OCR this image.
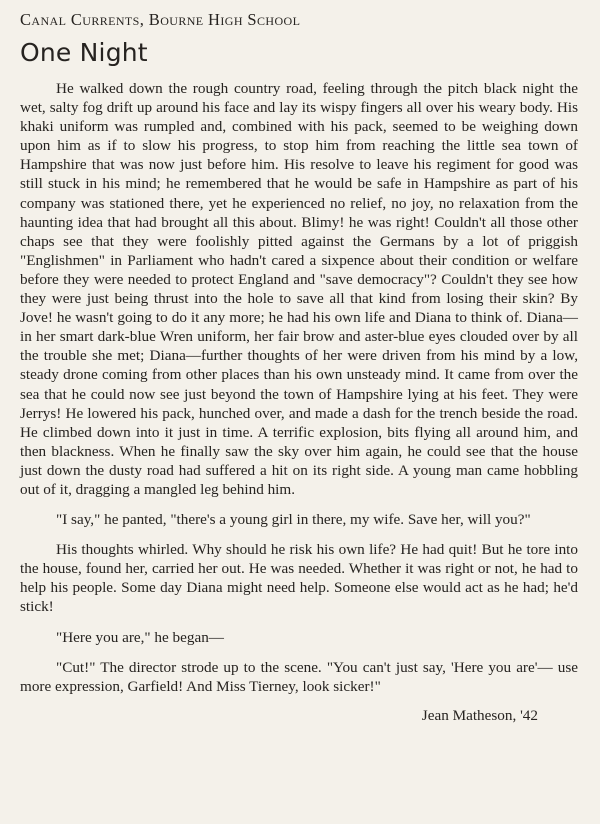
Canal Currents, Bourne High School
One Night

He walked down the rough country road, feeling through the pitch black night the wet, salty fog drift up around his face and lay its wispy fingers all over his weary body. His khaki uniform was rumpled and, combined with his pack, seemed to be weighing down upon him as if to slow his progress, to stop him from reaching the little sea town of Hampshire that was now just before him. His resolve to leave his regiment for good was still stuck in his mind; he remembered that he would be safe in Hampshire as part of his company was stationed there, yet he experienced no relief, no joy, no relaxation from the haunting idea that had brought all this about. Blimy! he was right! Couldn't all those other chaps see that they were foolishly pitted against the Germans by a lot of priggish "Englishmen" in Parliament who hadn't cared a sixpence about their condition or welfare before they were needed to protect England and "save democracy"? Couldn't they see how they were just being thrust into the hole to save all that kind from losing their skin? By Jove! he wasn't going to do it any more; he had his own life and Diana to think of. Diana—in her smart dark-blue Wren uniform, her fair brow and aster-blue eyes clouded over by all the trouble she met; Diana—further thoughts of her were driven from his mind by a low, steady drone coming from other places than his own unsteady mind. It came from over the sea that he could now see just beyond the town of Hampshire lying at his feet. They were Jerrys! He lowered his pack, hunched over, and made a dash for the trench beside the road. He climbed down into it just in time. A terrific explosion, bits flying all around him, and then blackness. When he finally saw the sky over him again, he could see that the house just down the dusty road had suffered a hit on its right side. A young man came hobbling out of it, dragging a mangled leg behind him.

"I say," he panted, "there's a young girl in there, my wife. Save her, will you?"

His thoughts whirled. Why should he risk his own life? He had quit! But he tore into the house, found her, carried her out. He was needed. Whether it was right or not, he had to help his people. Some day Diana might need help. Someone else would act as he had; he'd stick!

"Here you are," he began—

"Cut!" The director strode up to the scene. "You can't just say, 'Here you are'— use more expression, Garfield! And Miss Tierney, look sicker!"

Jean Matheson, '42
